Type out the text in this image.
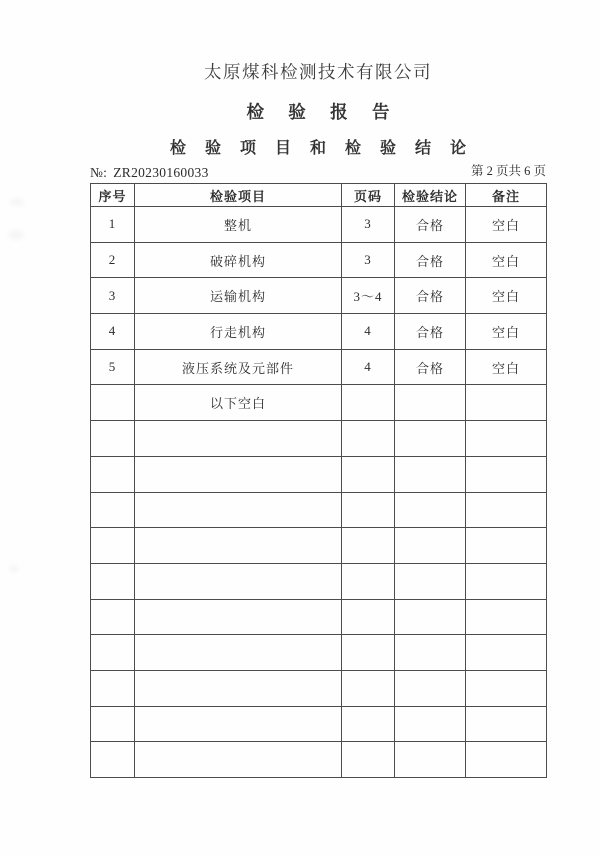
太原煤科检测技术有限公司
检 验 报 告
检 验 项 目 和 检 验 结 论
№: ZR20230160033	第 2 页共 6 页
序号	检验项目	页码	检验结论	备注
1	整机	3	合格	空白
2	破碎机构	3	合格	空白
3	运输机构	3～4	合格	空白
4	行走机构	4	合格	空白
5	液压系统及元部件	4	合格	空白
	以下空白			
